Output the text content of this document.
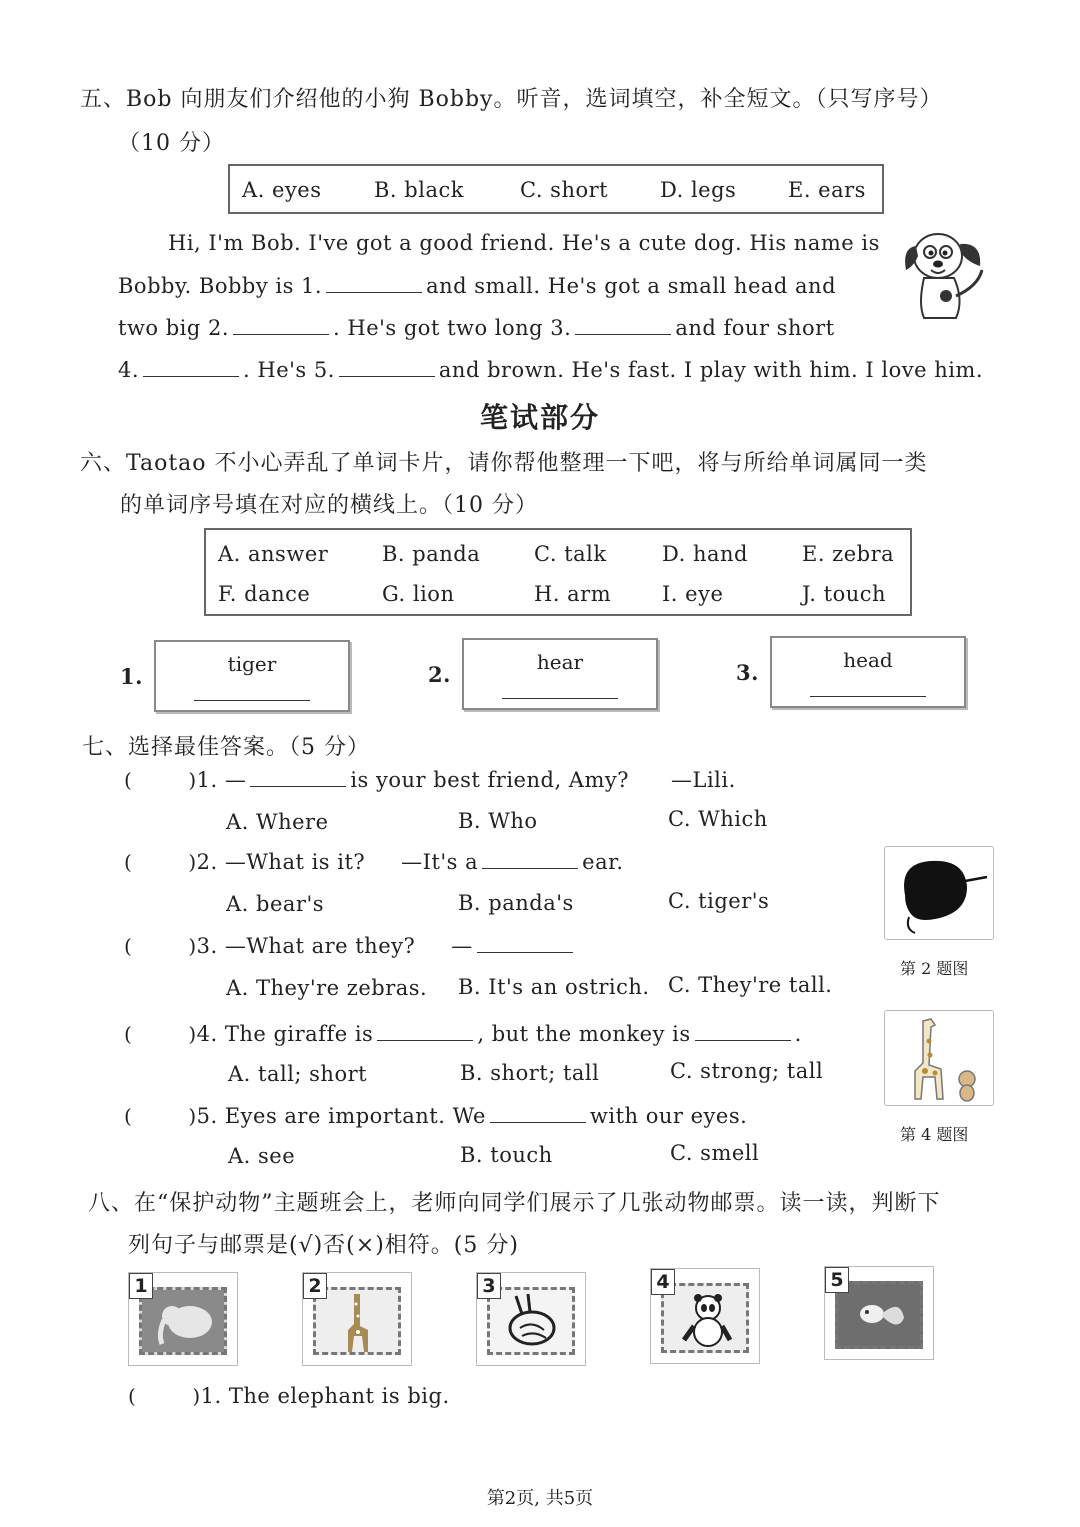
五、Bob 向朋友们介绍他的小狗 Bobby。听音，选词填空，补全短文。（只写序号）
（10 分）
A. eyes B. black	C. short D. legs E. ears
Hi, I'm Bob. I've got a good friend. He's a cute dog. His name is
Bobby. Bobby is 1.	and small. He's got a small head and
two big 2.	. He's got two long 3.	and four short
4.	. He's 5.	and brown. He's fast. I play with him. I love him.
笔试部分
六、Taotao 不小心弄乱了单词卡片，请你帮他整理一下吧，将与所给单词属同一类
的单词序号填在对应的横线上。（10 分）
A. answer	B. panda	C. talk	D. hand	E. zebra
F. dance	G. lion	H. arm I. eye	J. touch
1.	tiger	2.	hear	3.	head
七、选择最佳答案。（5 分）
(	)1. —	is your best friend, Amy? —Lili.
A. Where	B. Who	C. Which
(	)2. —What is it? —It's a	ear.
A. bear's	B. panda's	C. tiger's
(	)3. —What are they? —
A. They're zebras. B. It's an ostrich. C. They're tall.
(	)4. The giraffe is	, but the monkey is	.
A. tall; short	B. short; tall	C. strong; tall
(	)5. Eyes are important. We	with our eyes.
A. see	B. touch	C. smell
第 2 题图
第 4 题图
八、在“保护动物”主题班会上，老师向同学们展示了几张动物邮票。读一读，判断下
列句子与邮票是(√)否(×)相符。(5 分)
1	2	3	4	5
(	)1. The elephant is big.
第2页, 共5页
